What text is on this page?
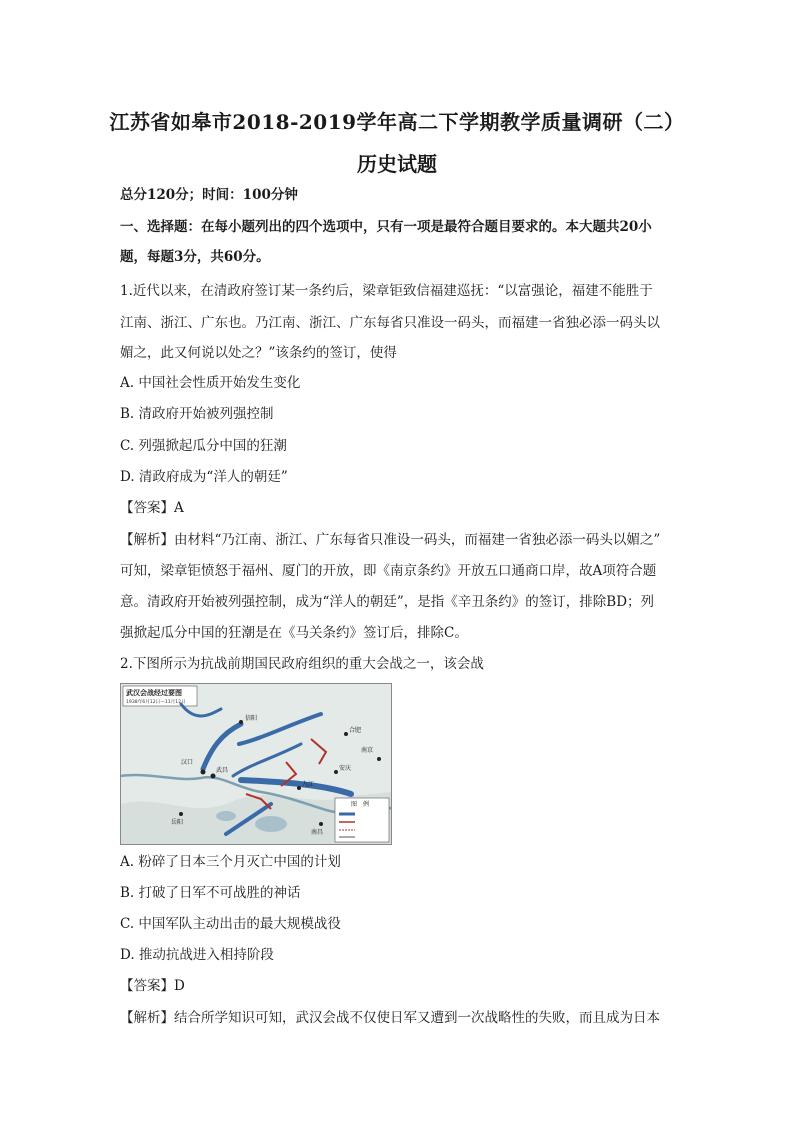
江苏省如皋市2018-2019学年高二下学期教学质量调研（二）
历史试题
总分120分；时间：100分钟
一、选择题：在每小题列出的四个选项中，只有一项是最符合题目要求的。本大题共20小
题，每题3分，共60分。
1.近代以来，在清政府签订某一条约后，梁章钜致信福建巡抚：“以富强论，福建不能胜于
江南、浙江、广东也。乃江南、浙江、广东每省只准设一码头，而福建一省独必添一码头以
媚之，此又何说以处之？”该条约的签订，使得
A. 中国社会性质开始发生变化
B. 清政府开始被列强控制
C. 列强掀起瓜分中国的狂潮
D. 清政府成为“洋人的朝廷”
【答案】A
【解析】由材料“乃江南、浙江、广东每省只准设一码头，而福建一省独必添一码头以媚之”
可知，梁章钜愤怒于福州、厦门的开放，即《南京条约》开放五口通商口岸，故A项符合题
意。清政府开始被列强控制，成为“洋人的朝廷”，是指《辛丑条约》的签订，排除BD；列
强掀起瓜分中国的狂潮是在《马关条约》签订后，排除C。
2.下图所示为抗战前期国民政府组织的重大会战之一，该会战
武汉会战经过要图
1938年6月12日—11月12日
汉口
武昌
信阳
九江
南昌
岳阳
合肥
安庆
南京
图　例
A. 粉碎了日本三个月灭亡中国的计划
B. 打破了日军不可战胜的神话
C. 中国军队主动出击的最大规模战役
D. 推动抗战进入相持阶段
【答案】D
【解析】结合所学知识可知，武汉会战不仅使日军又遭到一次战略性的失败，而且成为日本
